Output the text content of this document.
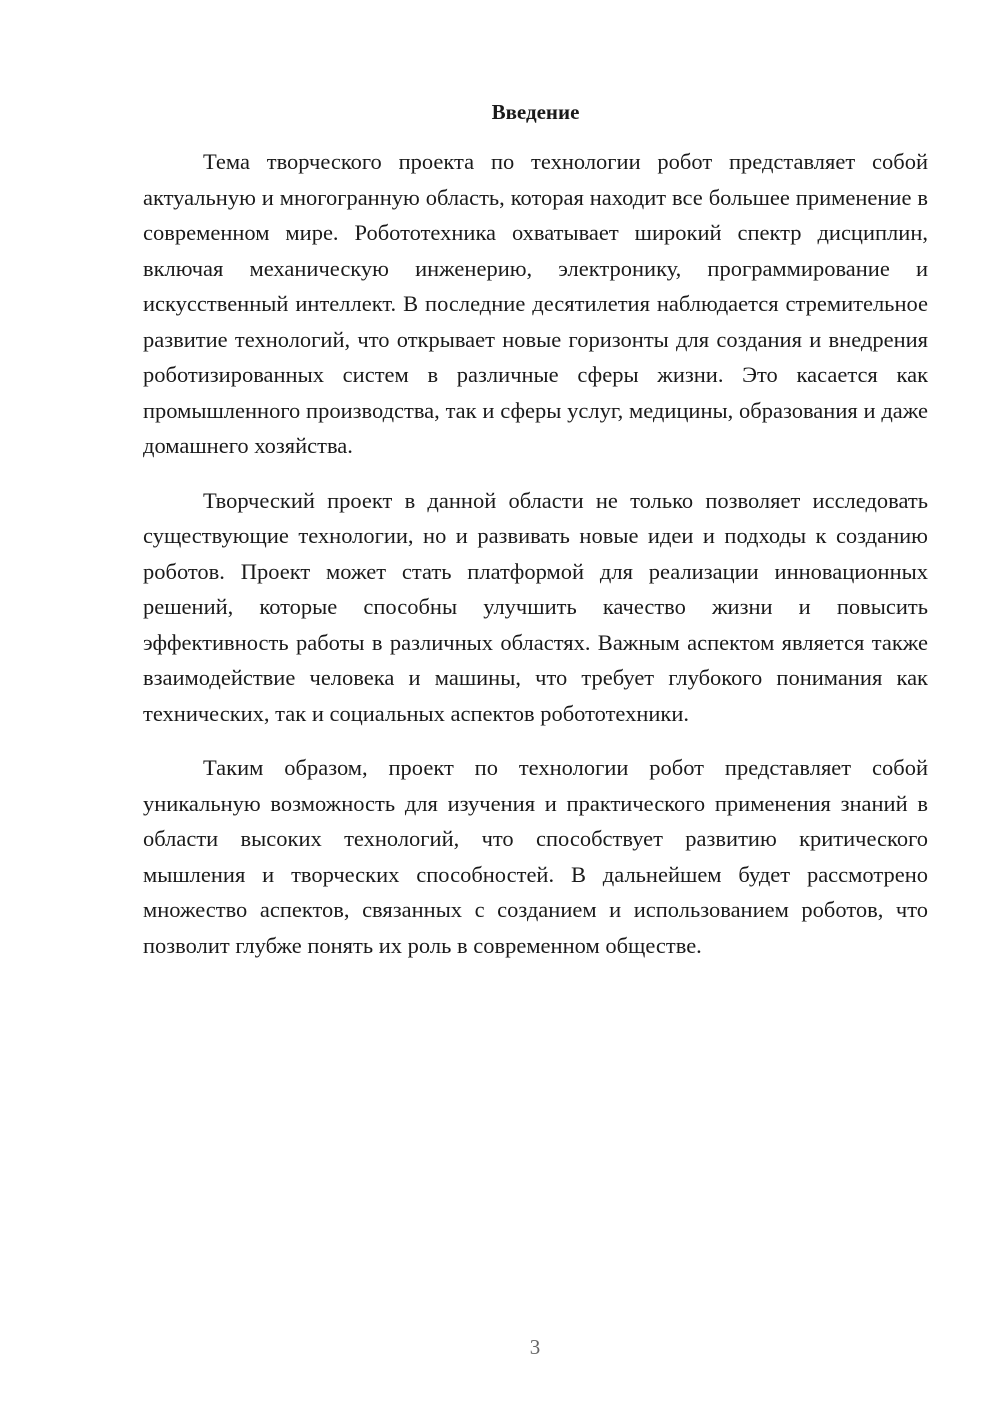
Введение

Тема творческого проекта по технологии робот представляет собой актуальную и многогранную область, которая находит все большее применение в современном мире. Робототехника охватывает широкий спектр дисциплин, включая механическую инженерию, электронику, программирование и искусственный интеллект. В последние десятилетия наблюдается стремительное развитие технологий, что открывает новые горизонты для создания и внедрения роботизированных систем в различные сферы жизни. Это касается как промышленного производства, так и сферы услуг, медицины, образования и даже домашнего хозяйства.

Творческий проект в данной области не только позволяет исследовать существующие технологии, но и развивать новые идеи и подходы к созданию роботов. Проект может стать платформой для реализации инновационных решений, которые способны улучшить качество жизни и повысить эффективность работы в различных областях. Важным аспектом является также взаимодействие человека и машины, что требует глубокого понимания как технических, так и социальных аспектов робототехники.

Таким образом, проект по технологии робот представляет собой уникальную возможность для изучения и практического применения знаний в области высоких технологий, что способствует развитию критического мышления и творческих способностей. В дальнейшем будет рассмотрено множество аспектов, связанных с созданием и использованием роботов, что позволит глубже понять их роль в современном обществе.

3
